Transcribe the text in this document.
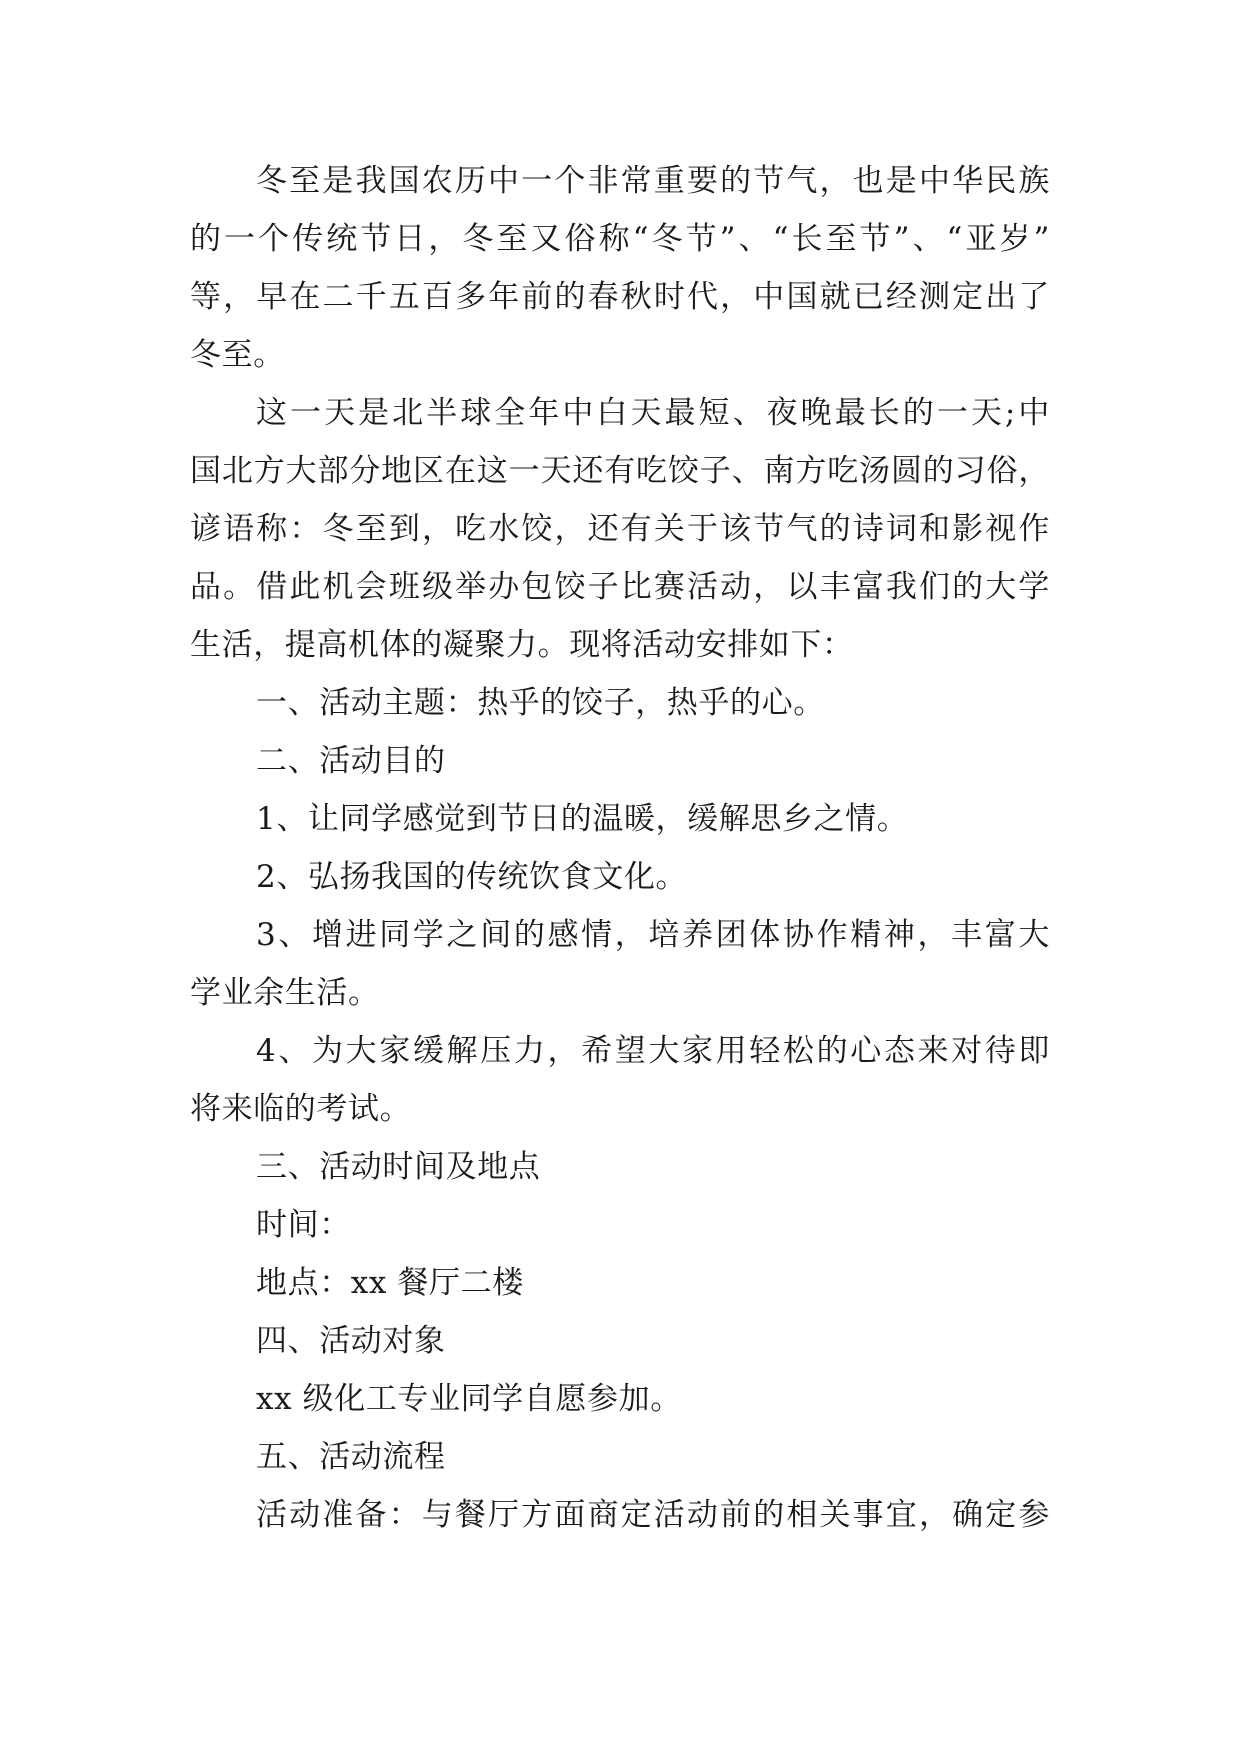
冬至是我国农历中一个非常重要的节气，也是中华民族
的一个传统节日，冬至又俗称“冬节”、“长至节”、“亚岁”
等，早在二千五百多年前的春秋时代，中国就已经测定出了
冬至。
这一天是北半球全年中白天最短、夜晚最长的一天;中
国北方大部分地区在这一天还有吃饺子、南方吃汤圆的习俗，
谚语称：冬至到，吃水饺，还有关于该节气的诗词和影视作
品。借此机会班级举办包饺子比赛活动，以丰富我们的大学
生活，提高机体的凝聚力。现将活动安排如下：
一、活动主题：热乎的饺子，热乎的心。
二、活动目的
1、让同学感觉到节日的温暖，缓解思乡之情。
2、弘扬我国的传统饮食文化。
3、增进同学之间的感情，培养团体协作精神，丰富大
学业余生活。
4、为大家缓解压力，希望大家用轻松的心态来对待即
将来临的考试。
三、活动时间及地点
时间：
地点：xx 餐厅二楼
四、活动对象
xx 级化工专业同学自愿参加。
五、活动流程
活动准备：与餐厅方面商定活动前的相关事宜，确定参
